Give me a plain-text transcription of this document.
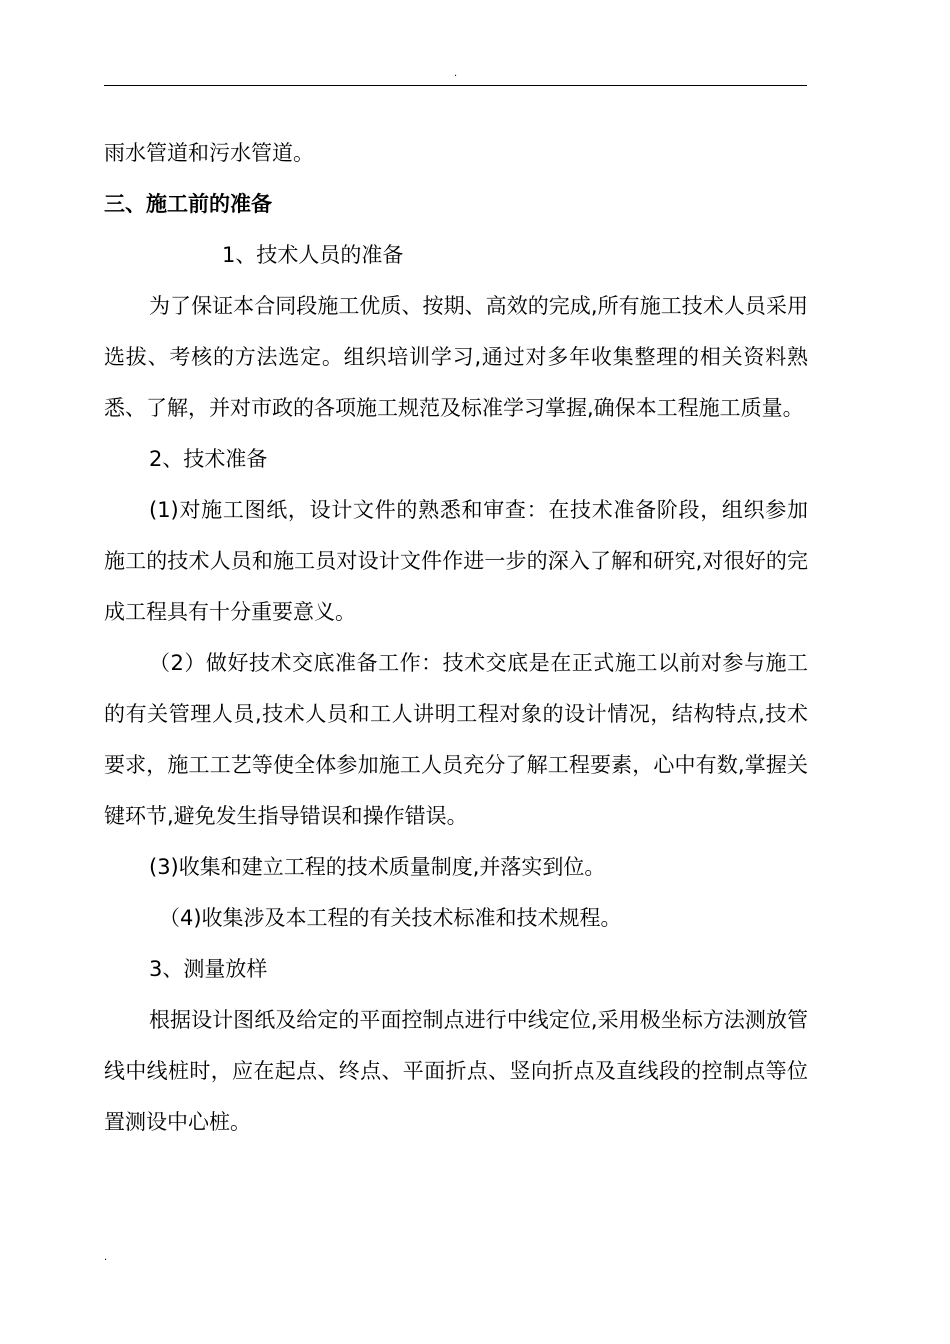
.
雨水管道和污水管道。
三、施工前的准备
1、技术人员的准备
为了保证本合同段施工优质、按期、高效的完成,所有施工技术人员采用选拔、考核的方法选定。组织培训学习,通过对多年收集整理的相关资料熟悉、了解，并对市政的各项施工规范及标准学习掌握,确保本工程施工质量。
2、技术准备
(1)对施工图纸，设计文件的熟悉和审查：在技术准备阶段，组织参加施工的技术人员和施工员对设计文件作进一步的深入了解和研究,对很好的完成工程具有十分重要意义。
（2）做好技术交底准备工作：技术交底是在正式施工以前对参与施工的有关管理人员,技术人员和工人讲明工程对象的设计情况，结构特点,技术要求，施工工艺等使全体参加施工人员充分了解工程要素，心中有数,掌握关键环节,避免发生指导错误和操作错误。
(3)收集和建立工程的技术质量制度,并落实到位。
（4)收集涉及本工程的有关技术标准和技术规程。
3、测量放样
根据设计图纸及给定的平面控制点进行中线定位,采用极坐标方法测放管线中线桩时，应在起点、终点、平面折点、竖向折点及直线段的控制点等位置测设中心桩。
.
